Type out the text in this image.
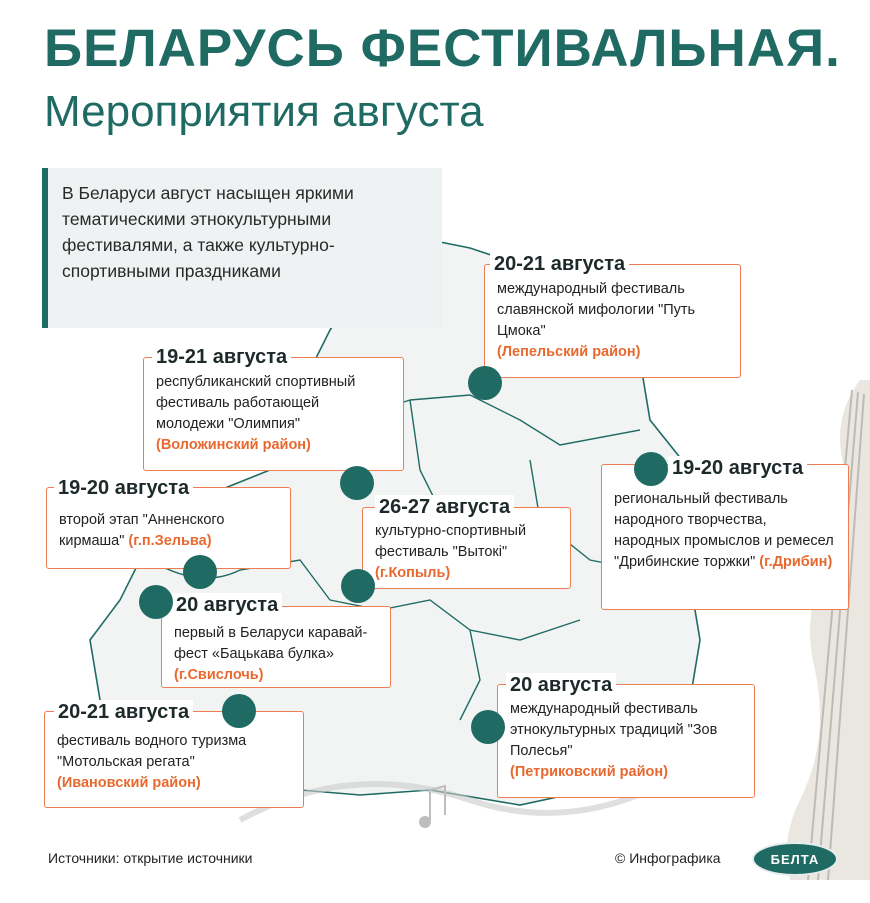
БЕЛАРУСЬ ФЕСТИВАЛЬНАЯ.
Мероприятия августа
В Беларуси август насыщен яркими тематическими этнокультурными фестивалями, а также культурно-спортивными праздниками
международный фестиваль славянской мифологии "Путь Цмока"
(Лепельский район)
20-21 августа
республиканский спортивный фестиваль работающей молодежи "Олимпия"
(Воложинский район)
19-21 августа
второй этап "Анненского кирмаша" (г.п.Зельва)
19-20 августа
культурно-спортивный фестиваль "Вытокі"
(г.Копыль)
26-27 августа	региональный фестиваль народного творчества, народных промыслов и ремесел "Дрибинские торжки" (г.Дрибин)
19-20 августа
первый в Беларуси каравай-фест «Бацькава булка» (г.Свислочь)
20 августа
фестиваль водного туризма "Мотольская регата"
(Ивановский район)
20-21 августа	международный фестиваль этнокультурных традиций "Зов Полесья"
(Петриковский район)
20 августа
Источники: открытие источники	© Инфографика	БЕЛТА
